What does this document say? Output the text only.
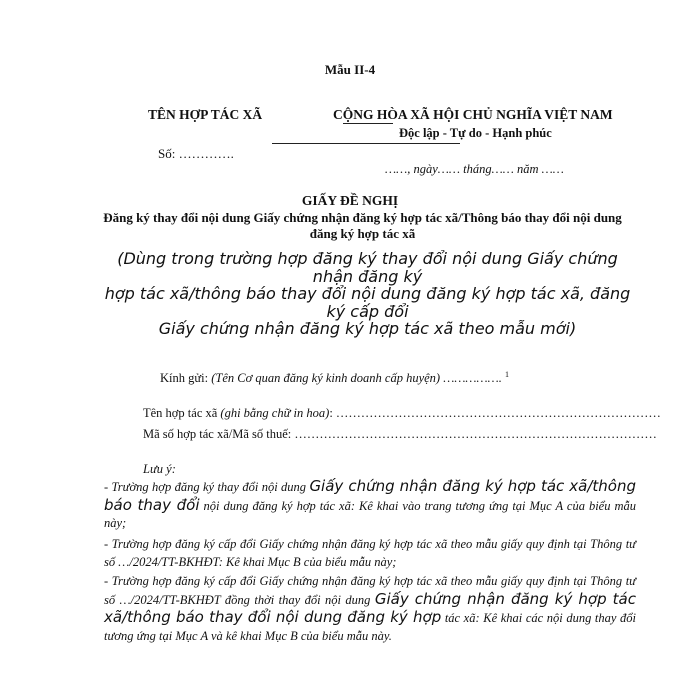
Mẫu II-4
TÊN HỢP TÁC XÃ	CỘNG HÒA XÃ HỘI CHỦ NGHĨA VIỆT NAM
Độc lập - Tự do - Hạnh phúc
Số: ………….
……, ngày…… tháng…… năm ……
GIẤY ĐỀ NGHỊ
Đăng ký thay đổi nội dung Giấy chứng nhận đăng ký hợp tác xã/Thông báo thay đổi nội dung đăng ký hợp tác xã
(Dùng trong trường hợp đăng ký thay đổi nội dung Giấy chứng nhận đăng ký
hợp tác xã/thông báo thay đổi nội dung đăng ký hợp tác xã, đăng ký cấp đổi
Giấy chứng nhận đăng ký hợp tác xã theo mẫu mới)
Kính gửi: (Tên Cơ quan đăng ký kinh doanh cấp huyện) ……………. $^1$
Tên hợp tác xã (ghi bằng chữ in hoa): ……………………………………………………………………
Mã số hợp tác xã/Mã số thuế: ……………………………………………………………………………
Lưu ý:
- Trường hợp đăng ký thay đổi nội dung Giấy chứng nhận đăng ký hợp tác xã/thông báo thay đổi nội dung đăng ký hợp tác xã: Kê khai vào trang tương ứng tại Mục A của biểu mẫu này;
- Trường hợp đăng ký cấp đổi Giấy chứng nhận đăng ký hợp tác xã theo mẫu giấy quy định tại Thông tư số …/2024/TT-BKHĐT: Kê khai Mục B của biểu mẫu này;
- Trường hợp đăng ký cấp đổi Giấy chứng nhận đăng ký hợp tác xã theo mẫu giấy quy định tại Thông tư số …/2024/TT-BKHĐT đồng thời thay đổi nội dung Giấy chứng nhận đăng ký hợp tác xã/thông báo thay đổi nội dung đăng ký hợp tác xã: Kê khai các nội dung thay đổi tương ứng tại Mục A và kê khai Mục B của biểu mẫu này.
